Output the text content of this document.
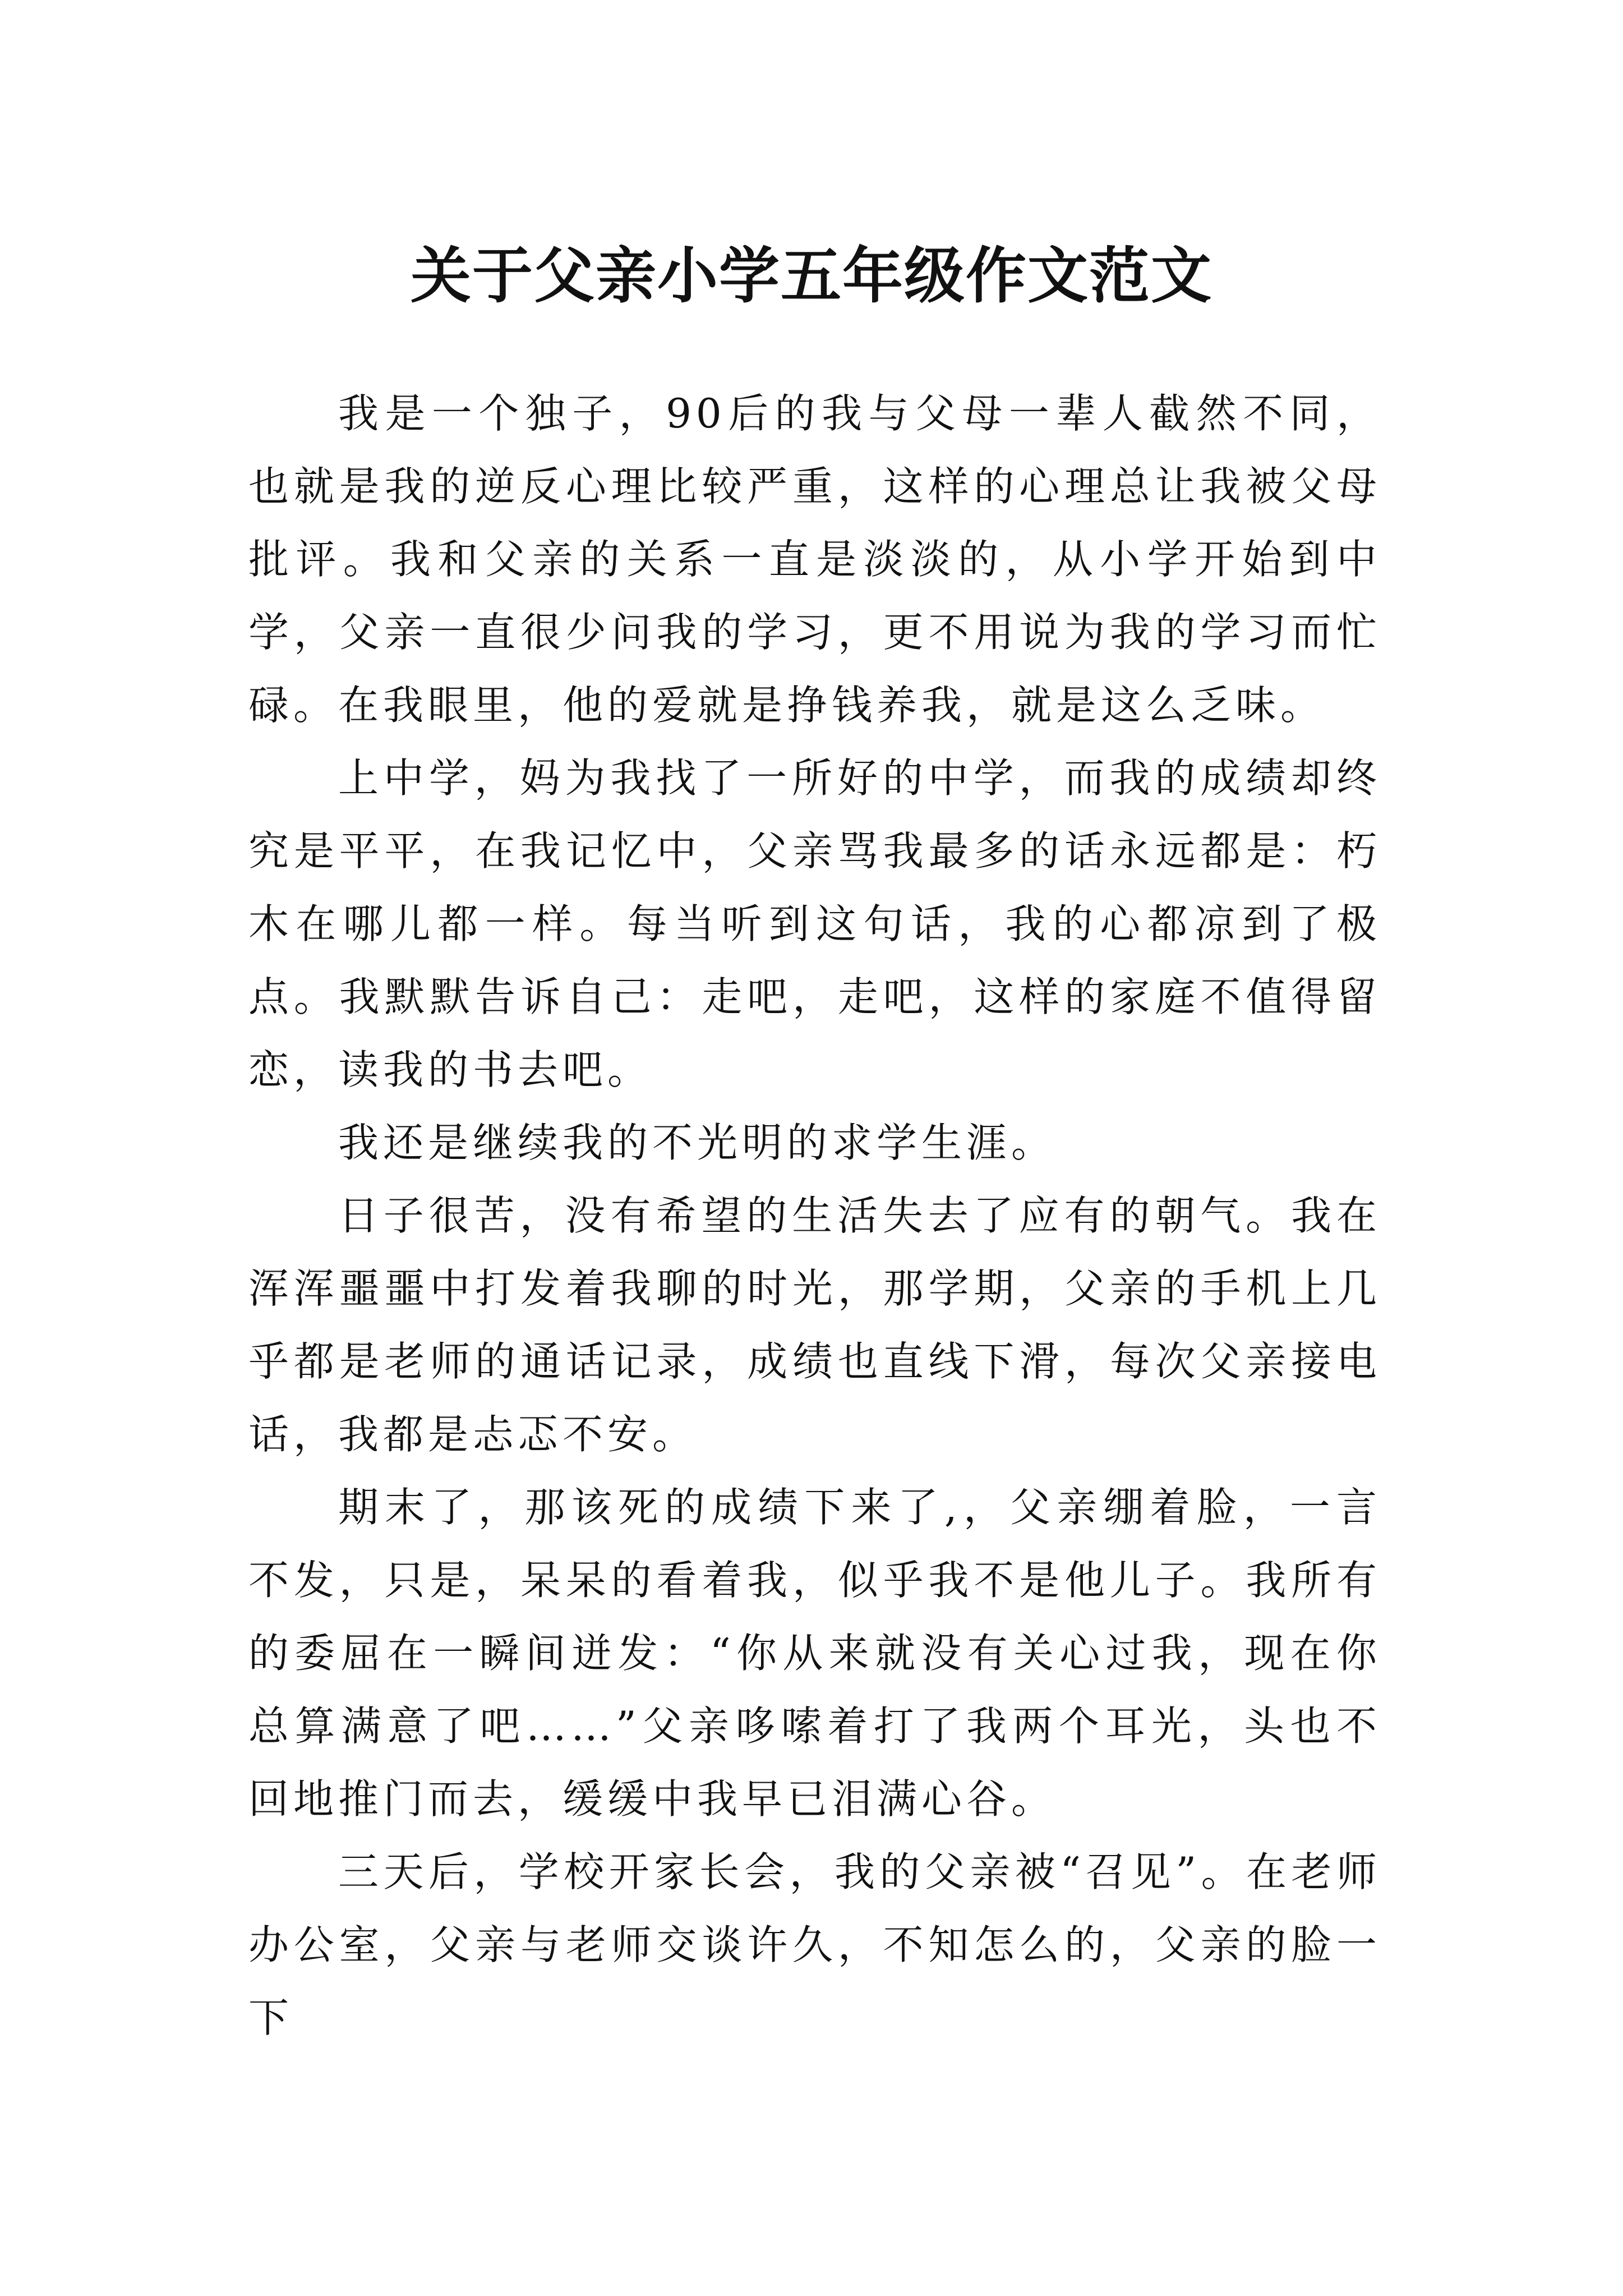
关于父亲小学五年级作文范文

我是一个独子，90后的我与父母一辈人截然不同，也就是我的逆反心理比较严重，这样的心理总让我被父母批评。我和父亲的关系一直是淡淡的，从小学开始到中学，父亲一直很少问我的学习，更不用说为我的学习而忙碌。在我眼里，他的爱就是挣钱养我，就是这么乏味。

上中学，妈为我找了一所好的中学，而我的成绩却终究是平平，在我记忆中，父亲骂我最多的话永远都是：朽木在哪儿都一样。每当听到这句话，我的心都凉到了极点。我默默告诉自己：走吧，走吧，这样的家庭不值得留恋，读我的书去吧。

我还是继续我的不光明的求学生涯。

日子很苦，没有希望的生活失去了应有的朝气。我在浑浑噩噩中打发着我聊的时光，那学期，父亲的手机上几乎都是老师的通话记录，成绩也直线下滑，每次父亲接电话，我都是忐忑不安。

期末了，那该死的成绩下来了,，父亲绷着脸，一言不发，只是，呆呆的看着我，似乎我不是他儿子。我所有的委屈在一瞬间迸发：“你从来就没有关心过我，现在你总算满意了吧……”父亲哆嗦着打了我两个耳光，头也不回地推门而去，缓缓中我早已泪满心谷。

三天后，学校开家长会，我的父亲被“召见”。在老师办公室，父亲与老师交谈许久，不知怎么的，父亲的脸一下
